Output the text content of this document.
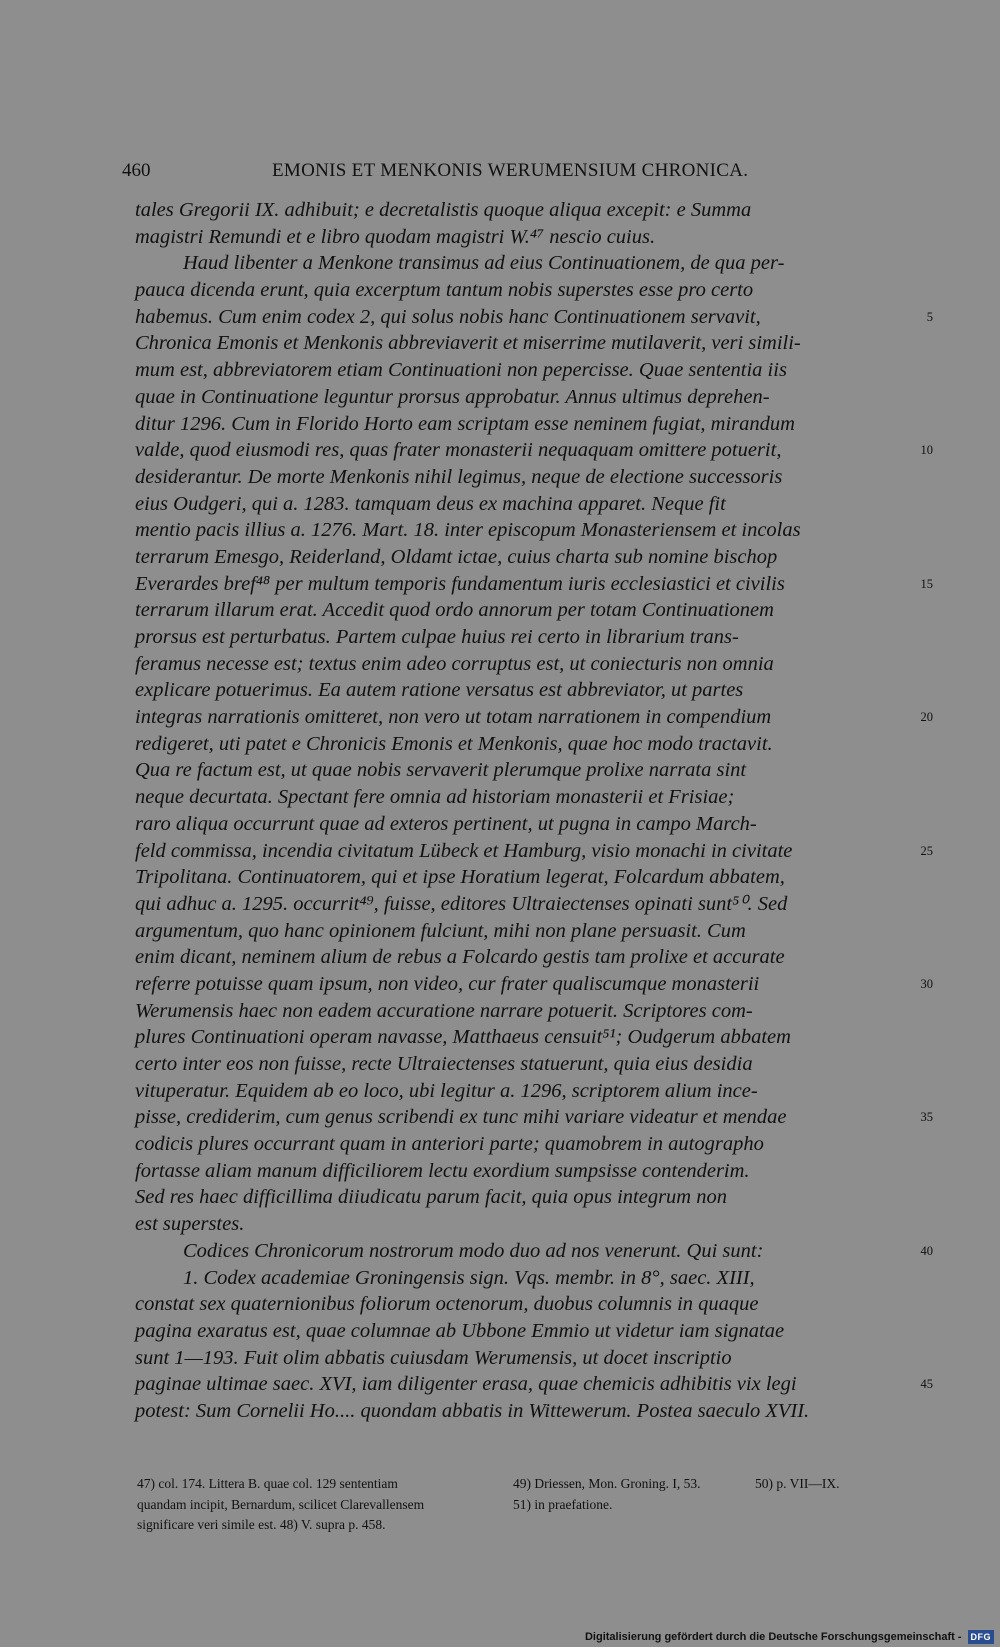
460	EMONIS ET MENKONIS WERUMENSIUM CHRONICA.
tales Gregorii IX. adhibuit; e decretalistis quoque aliqua excepit: e Summa
magistri Remundi et e libro quodam magistri W.⁴⁷ nescio cuius.
Haud libenter a Menkone transimus ad eius Continuationem, de qua per-
pauca dicenda erunt, quia excerptum tantum nobis superstes esse pro certo
habemus. Cum enim codex 2, qui solus nobis hanc Continuationem servavit,	5
Chronica Emonis et Menkonis abbreviaverit et miserrime mutilaverit, veri simili-
mum est, abbreviatorem etiam Continuationi non pepercisse. Quae sententia iis
quae in Continuatione leguntur prorsus approbatur. Annus ultimus deprehen-
ditur 1296. Cum in Florido Horto eam scriptam esse neminem fugiat, mirandum
valde, quod eiusmodi res, quas frater monasterii nequaquam omittere potuerit,	10
desiderantur. De morte Menkonis nihil legimus, neque de electione successoris
eius Oudgeri, qui a. 1283. tamquam deus ex machina apparet. Neque fit
mentio pacis illius a. 1276. Mart. 18. inter episcopum Monasteriensem et incolas
terrarum Emesgo, Reiderland, Oldamt ictae, cuius charta sub nomine bischop
Everardes bref⁴⁸ per multum temporis fundamentum iuris ecclesiastici et civilis	15
terrarum illarum erat. Accedit quod ordo annorum per totam Continuationem
prorsus est perturbatus. Partem culpae huius rei certo in librarium trans-
feramus necesse est; textus enim adeo corruptus est, ut coniecturis non omnia
explicare potuerimus. Ea autem ratione versatus est abbreviator, ut partes
integras narrationis omitteret, non vero ut totam narrationem in compendium	20
redigeret, uti patet e Chronicis Emonis et Menkonis, quae hoc modo tractavit.
Qua re factum est, ut quae nobis servaverit plerumque prolixe narrata sint
neque decurtata. Spectant fere omnia ad historiam monasterii et Frisiae;
raro aliqua occurrunt quae ad exteros pertinent, ut pugna in campo March-
feld commissa, incendia civitatum Lübeck et Hamburg, visio monachi in civitate	25
Tripolitana. Continuatorem, qui et ipse Horatium legerat, Folcardum abbatem,
qui adhuc a. 1295. occurrit⁴⁹, fuisse, editores Ultraiectenses opinati sunt⁵⁰. Sed
argumentum, quo hanc opinionem fulciunt, mihi non plane persuasit. Cum
enim dicant, neminem alium de rebus a Folcardo gestis tam prolixe et accurate
referre potuisse quam ipsum, non video, cur frater qualiscumque monasterii	30
Werumensis haec non eadem accuratione narrare potuerit. Scriptores com-
plures Continuationi operam navasse, Matthaeus censuit⁵¹; Oudgerum abbatem
certo inter eos non fuisse, recte Ultraiectenses statuerunt, quia eius desidia
vituperatur. Equidem ab eo loco, ubi legitur a. 1296, scriptorem alium ince-
pisse, crediderim, cum genus scribendi ex tunc mihi variare videatur et mendae	35
codicis plures occurrant quam in anteriori parte; quamobrem in autographo
fortasse aliam manum difficiliorem lectu exordium sumpsisse contenderim.
Sed res haec difficillima diiudicatu parum facit, quia opus integrum non
est superstes.
Codices Chronicorum nostrorum modo duo ad nos venerunt. Qui sunt:	40
1. Codex academiae Groningensis sign. Vqs. membr. in 8°, saec. XIII,
constat sex quaternionibus foliorum octenorum, duobus columnis in quaque
pagina exaratus est, quae columnae ab Ubbone Emmio ut videtur iam signatae
sunt 1—193. Fuit olim abbatis cuiusdam Werumensis, ut docet inscriptio
paginae ultimae saec. XVI, iam diligenter erasa, quae chemicis adhibitis vix legi	45
potest: Sum Cornelii Ho.... quondam abbatis in Wittewerum. Postea saeculo XVII.
47) col. 174. Littera B. quae col. 129 sententiam
quandam incipit, Bernardum, scilicet Clarevallensem
significare veri simile est. 48) V. supra p. 458.
49) Driessen, Mon. Groning. I, 53.
51) in praefatione.
50) p. VII—IX.
Digitalisierung gefördert durch die Deutsche Forschungsgemeinschaft -	DFG
